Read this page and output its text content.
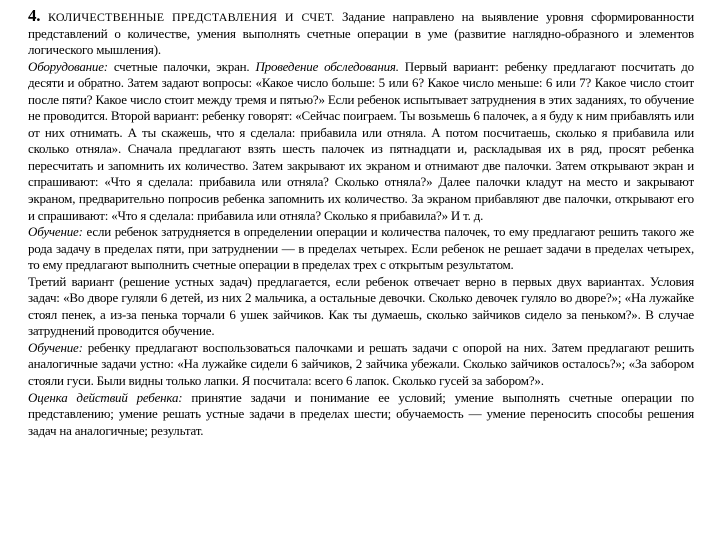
4. КОЛИЧЕСТВЕННЫЕ ПРЕДСТАВЛЕНИЯ И СЧЕТ. Задание направлено на выявление уровня сформированности представлений о количестве, умения выполнять счетные операции в уме (развитие наглядно-образного и элементов логического мышления).

Оборудование: счетные палочки, экран. Проведение обследования. Первый вариант: ребенку предлагают посчитать до десяти и обратно. Затем задают вопросы: «Какое число больше: 5 или 6? Какое число меньше: 6 или 7? Какое число стоит после пяти? Какое число стоит между тремя и пятью?» Если ребенок испытывает затруднения в этих заданиях, то обучение не проводится. Второй вариант: ребенку говорят: «Сейчас поиграем. Ты возьмешь 6 палочек, а я буду к ним прибавлять или от них отнимать. А ты скажешь, что я сделала: прибавила или отняла. А потом посчитаешь, сколько я прибавила или сколько отняла». Сначала предлагают взять шесть палочек из пятнадцати и, раскладывая их в ряд, просят ребенка пересчитать и запомнить их количество. Затем закрывают их экраном и отнимают две палочки. Затем открывают экран и спрашивают: «Что я сделала: прибавила или отняла? Сколько отняла?» Далее палочки кладут на место и закрывают экраном, предварительно попросив ребенка запомнить их количество. За экраном прибавляют две палочки, открывают его и спрашивают: «Что я сделала: прибавила или отняла? Сколько я прибавила?» И т. д.

Обучение: если ребенок затрудняется в определении операции и количества палочек, то ему предлагают решить такого же рода задачу в пределах пяти, при затруднении — в пределах четырех. Если ребенок не решает задачи в пределах четырех, то ему предлагают выполнить счетные операции в пределах трех с открытым результатом.

Третий вариант (решение устных задач) предлагается, если ребенок отвечает верно в первых двух вариантах. Условия задач: «Во дворе гуляли 6 детей, из них 2 мальчика, а остальные девочки. Сколько девочек гуляло во дворе?»; «На лужайке стоял пенек, а из-за пенька торчали 6 ушек зайчиков. Как ты думаешь, сколько зайчиков сидело за пеньком?». В случае затруднений проводится обучение.

Обучение: ребенку предлагают воспользоваться палочками и решать задачи с опорой на них. Затем предлагают решить аналогичные задачи устно: «На лужайке сидели 6 зайчиков, 2 зайчика убежали. Сколько зайчиков осталось?»; «За забором стояли гуси. Были видны только лапки. Я посчитала: всего 6 лапок. Сколько гусей за забором?».

Оценка действий ребенка: принятие задачи и понимание ее условий; умение выполнять счетные операции по представлению; умение решать устные задачи в пределах шести; обучаемость — умение переносить способы решения задач на аналогичные; результат.
